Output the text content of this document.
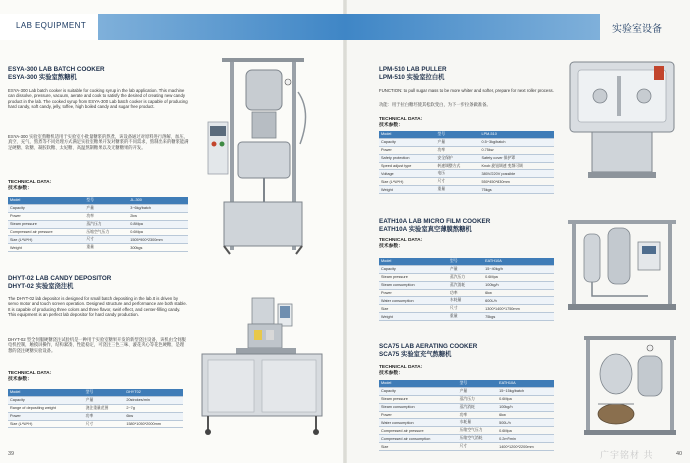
LAB EQUIPMENT	实验室设备
ESYA-300 LAB BATCH COOKER
ESYA-300 实验室熬糖机
ESYA-300 Lab batch cooker is suitable for cooking syrup in the lab application. This machine can dissolve, pressure, vacuum, aerate and cook to satisfy the desired of creating new candy product in the lab. The cooked syrup from ESYA-300 Lab batch cooker is capable of producing hard candy, soft candy, jelly, toffee, high boiled candy and sugar free product.
ESYA-300 实验室熬糖机适用于实验室小批量糖浆的熬煮，该设备通过对原料进行溶解、加压、真空、充气、熬煮等不同处理方式满足实验室糖果开发对糖浆的不同需求，熬制出来的糖浆能满足硬糖、软糖、凝胶软糖、太妃糖、高温熬制糖果以及无糖糖果的开发。
TECHNICAL DATA:
技术参数：
Model	型号	JL-300
Capacity	产量	3~6kg/batch
Power	功率	2kw
Steam pressure	蒸汽压力	0.8Mpa
Compressed air pressure	压缩空气压力	0.6Mpa
Size (L*W*H)	尺寸	1505*900*2300mm
Weight	重量	300kgs
DHYT-02 LAB CANDY DEPOSITOR
DHYT-02 实验室浇注机
The DHYT-02 lab depositor is designed for small batch depositing in the lab.It is driven by servo motor and touch screen operation. Designed structure and performance are both stable. It is capable of producing three colors and three flavor, swirl effect, and center-filling candy. This equipment is an perfect lab depositor for hard candy production.
DHYT-02 型全伺服硬糖浇注试验机是一种用于实验室糖果开发的新型浇注设备，该机由全伺服电机控制，触摸屏操作，结构紧凑，性能稳定，可浇注三色三味、漩花夹心等花色硬糖，是理想的浇注硬糖实验设备。
TECHNICAL DATA:
技术参数：
Model	型号	DHYT02
Capacity	产量	20strokes/min
Range of depositing weight	浇注重量范围	2~7g
Power	功率	6kw
Size (L*W*H)	尺寸	1580*1050*2000mm
LPM-510 LAB PULLER
LPM-510 实验室拉白机
FUNCTION: to pull sugar mass to be more whiter and softer, prepare for next roller process.
功能：用于拉白糖坯使其松软变白，为下一步拉条做准备。
TECHNICAL DATA:
技术参数：
Model	型号	LPM-510
Capacity	产量	0.5~3kg/batch
Power	功率	0.75kw
Safety protection	安全保护	Safety cover 保护罩
Speed adjust type	转速调整方式	Knob 旋钮调速 变频可调
Voltage	电压	380V/220V possible
Size (L*W*H)	尺寸	550*450*830mm
Weight	重量	75kgs
EATH10A LAB MICRO FILM COOKER
EATH10A 实验室真空薄膜熬糖机
TECHNICAL DATA:
技术参数：
Model	型号	EATH10A
Capacity	产量	15~40kg/h
Steam pressure	蒸汽压力	0.6Mpa
Steam consumption	蒸汽消耗	100kg/h
Power	功率	6kw
Water consumption	水耗量	600L/h
Size	尺寸	1300*1400*1750mm
Weight	重量	75kgs
SCA75 LAB AERATING COOKER
SCA75 实验室充气熬糖机
TECHNICAL DATA:
技术参数：
Model	型号	EATH10A
Capacity	产量	15~15kg/batch
Steam pressure	蒸汽压力	0.6Mpa
Steam consumption	蒸汽消耗	100kg/h
Power	功率	6kw
Water consumption	水耗量	500L/h
Compressed air pressure	压缩空气压力	0.6Mpa
Compressed air consumption	压缩空气消耗	0.2m³/min
Size	尺寸	1400*1200*2200mm
39	40
广宇铭材 共
